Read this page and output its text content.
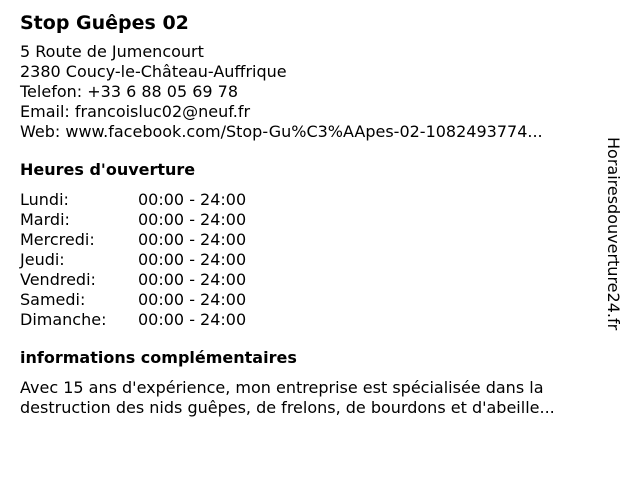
Stop Guêpes 02
5 Route de Jumencourt
2380 Coucy-le-Château-Auffrique
Telefon: +33 6 88 05 69 78
Email: francoisluc02@neuf.fr
Web: www.facebook.com/Stop-Gu%C3%AApes-02-1082493774...
Heures d'ouverture
Lundi:	00:00 - 24:00
Mardi:	00:00 - 24:00
Mercredi:	00:00 - 24:00
Jeudi:	00:00 - 24:00
Vendredi:	00:00 - 24:00
Samedi:	00:00 - 24:00
Dimanche:	00:00 - 24:00
informations complémentaires
Avec 15 ans d'expérience, mon entreprise est spécialisée dans la destruction des nids guêpes, de frelons, de bourdons et d'abeille...
Horairesdouverture24.fr
